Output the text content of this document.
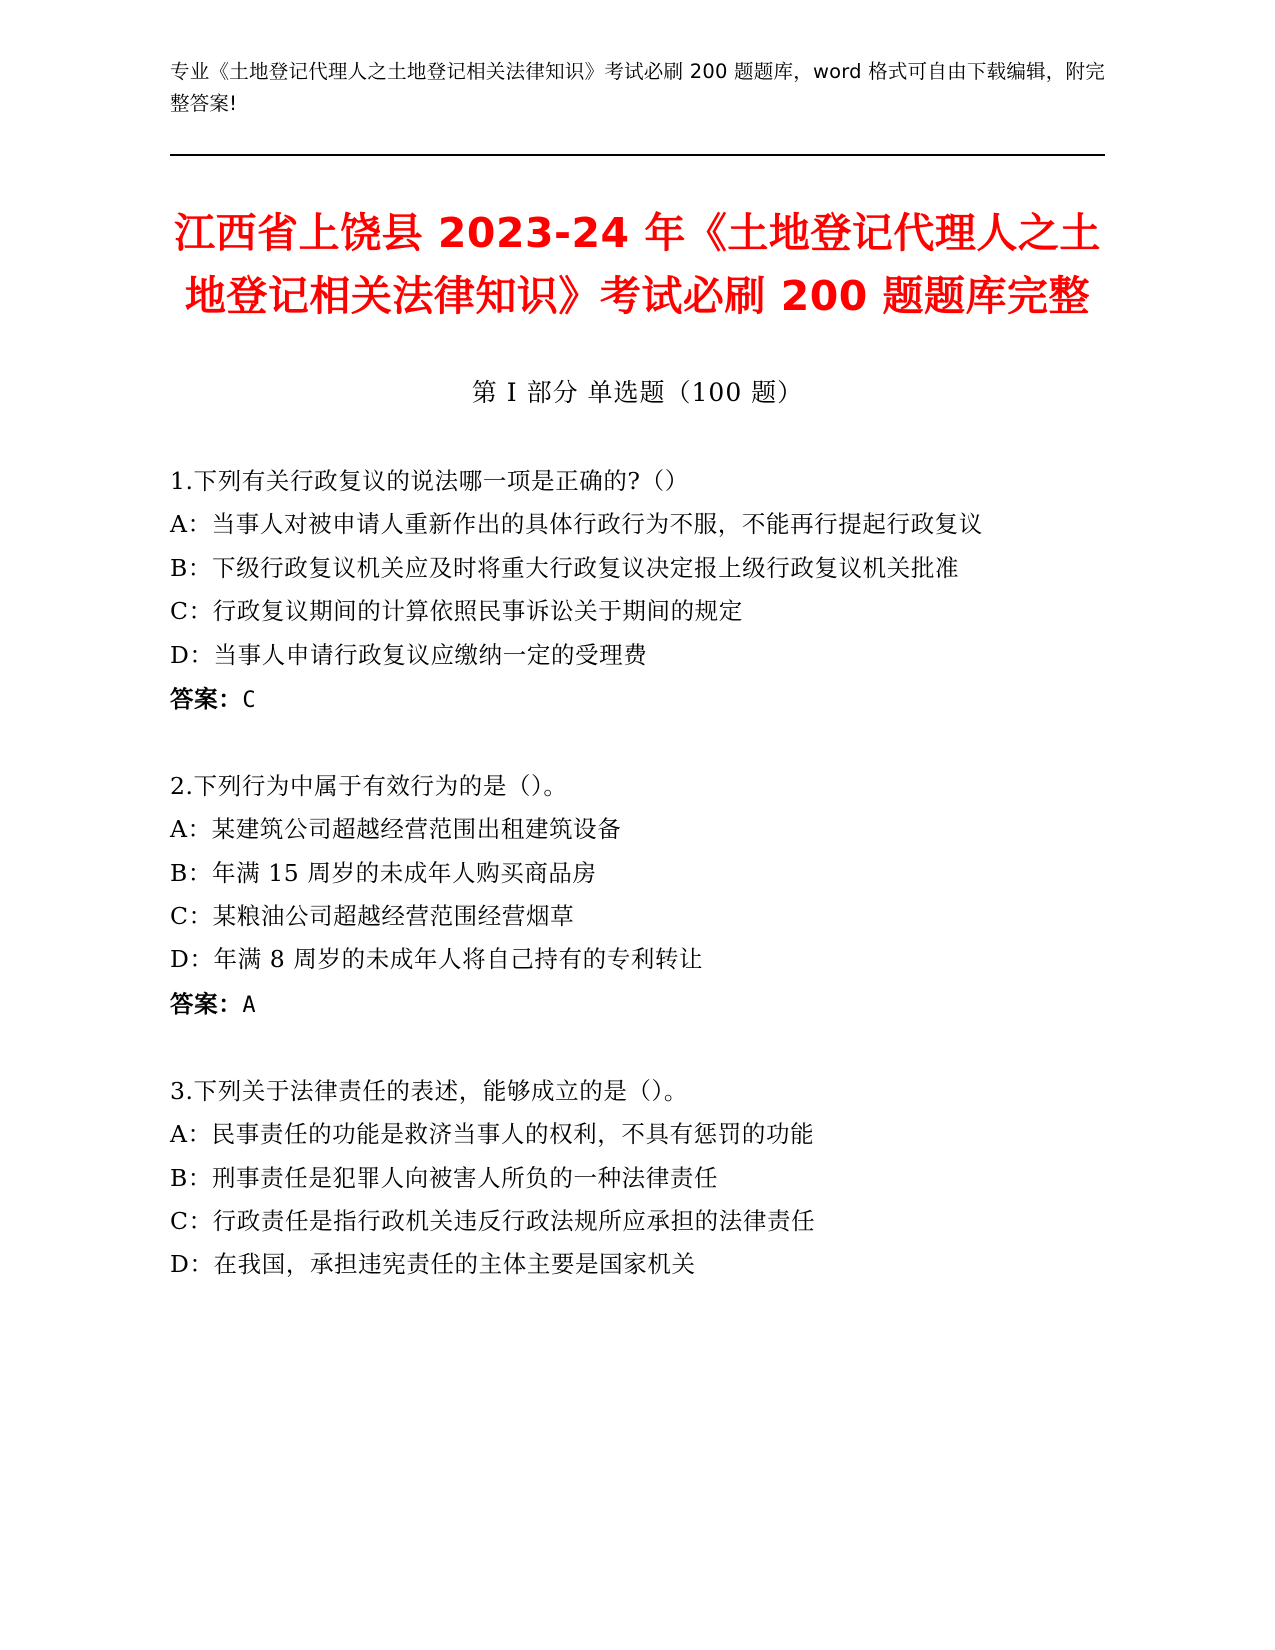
专业《土地登记代理人之土地登记相关法律知识》考试必刷 200 题题库，word 格式可自由下载编辑，附完整答案!
江西省上饶县 2023-24 年《土地登记代理人之土地登记相关法律知识》考试必刷 200 题题库完整
第 I 部分 单选题（100 题）

1.下列有关行政复议的说法哪一项是正确的?（）

A：当事人对被申请人重新作出的具体行政行为不服，不能再行提起行政复议

B：下级行政复议机关应及时将重大行政复议决定报上级行政复议机关批准

C：行政复议期间的计算依照民事诉讼关于期间的规定

D：当事人申请行政复议应缴纳一定的受理费

答案：C

2.下列行为中属于有效行为的是（）。

A：某建筑公司超越经营范围出租建筑设备

B：年满 15 周岁的未成年人购买商品房

C：某粮油公司超越经营范围经营烟草

D：年满 8 周岁的未成年人将自己持有的专利转让

答案：A

3.下列关于法律责任的表述，能够成立的是（）。

A：民事责任的功能是救济当事人的权利，不具有惩罚的功能

B：刑事责任是犯罪人向被害人所负的一种法律责任

C：行政责任是指行政机关违反行政法规所应承担的法律责任

D：在我国，承担违宪责任的主体主要是国家机关
